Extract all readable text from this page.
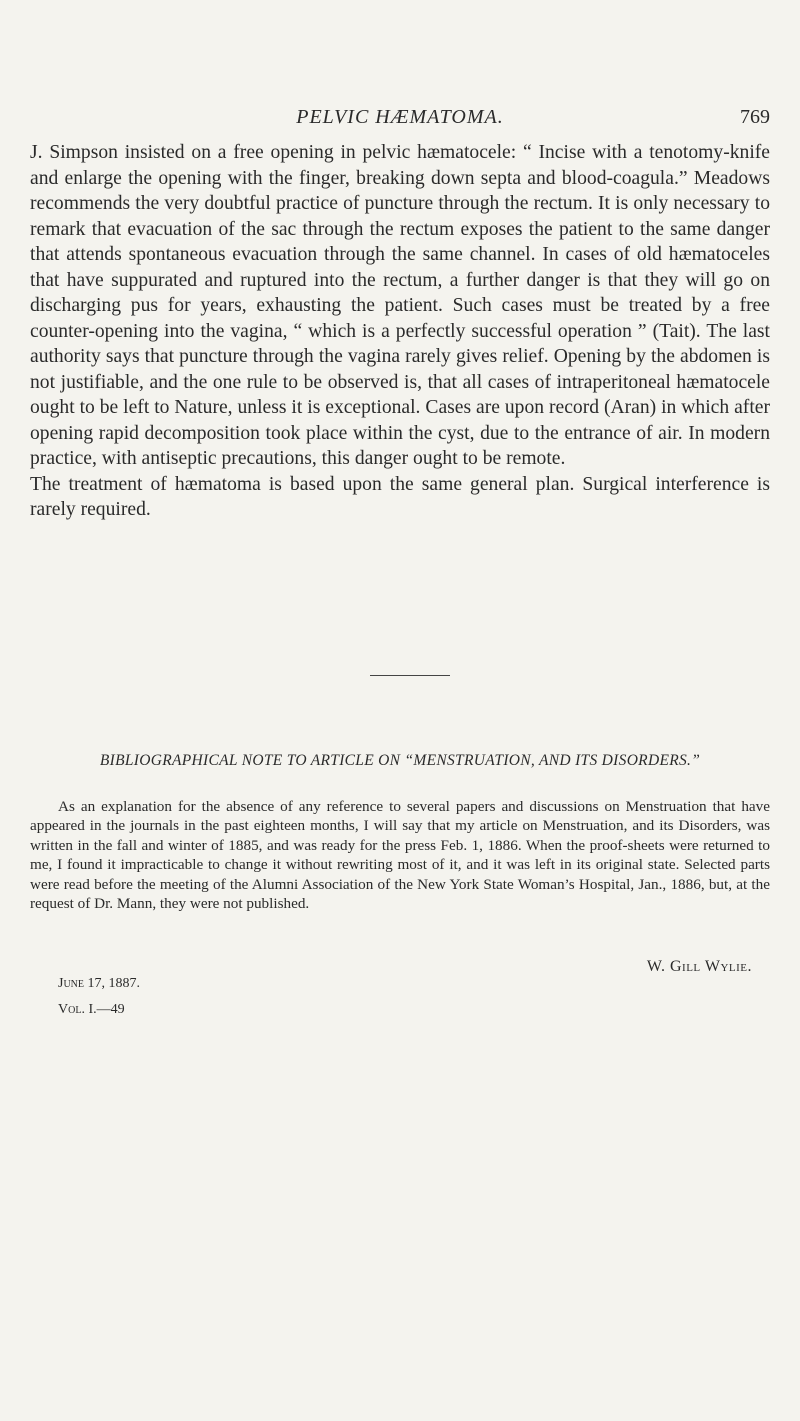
PELVIC HÆMATOMA.	769

J. Simpson insisted on a free opening in pelvic hæmatocele: “ Incise with a tenotomy-knife and enlarge the opening with the finger, breaking down septa and blood-coagula.” Meadows recommends the very doubtful practice of puncture through the rectum. It is only necessary to remark that evacuation of the sac through the rectum exposes the patient to the same danger that attends spontaneous evacuation through the same channel. In cases of old hæmatoceles that have suppurated and ruptured into the rectum, a further danger is that they will go on discharging pus for years, exhausting the patient. Such cases must be treated by a free counter-opening into the vagina, “ which is a perfectly successful operation ” (Tait). The last authority says that puncture through the vagina rarely gives relief. Opening by the abdomen is not justifiable, and the one rule to be observed is, that all cases of intraperitoneal hæmatocele ought to be left to Nature, unless it is exceptional. Cases are upon record (Aran) in which after opening rapid decomposition took place within the cyst, due to the entrance of air. In modern practice, with antiseptic precautions, this danger ought to be remote.

The treatment of hæmatoma is based upon the same general plan. Surgical interference is rarely required.

BIBLIOGRAPHICAL NOTE TO ARTICLE ON “MENSTRUATION, AND ITS DISORDERS.”
As an explanation for the absence of any reference to several papers and discussions on Menstruation that have appeared in the journals in the past eighteen months, I will say that my article on Menstruation, and its Disorders, was written in the fall and winter of 1885, and was ready for the press Feb. 1, 1886. When the proof-sheets were returned to me, I found it impracticable to change it without rewriting most of it, and it was left in its original state. Selected parts were read before the meeting of the Alumni Association of the New York State Woman’s Hospital, Jan., 1886, but, at the request of Dr. Mann, they were not published.
W. Gill Wylie.
June 17, 1887.
Vol. I.—49
